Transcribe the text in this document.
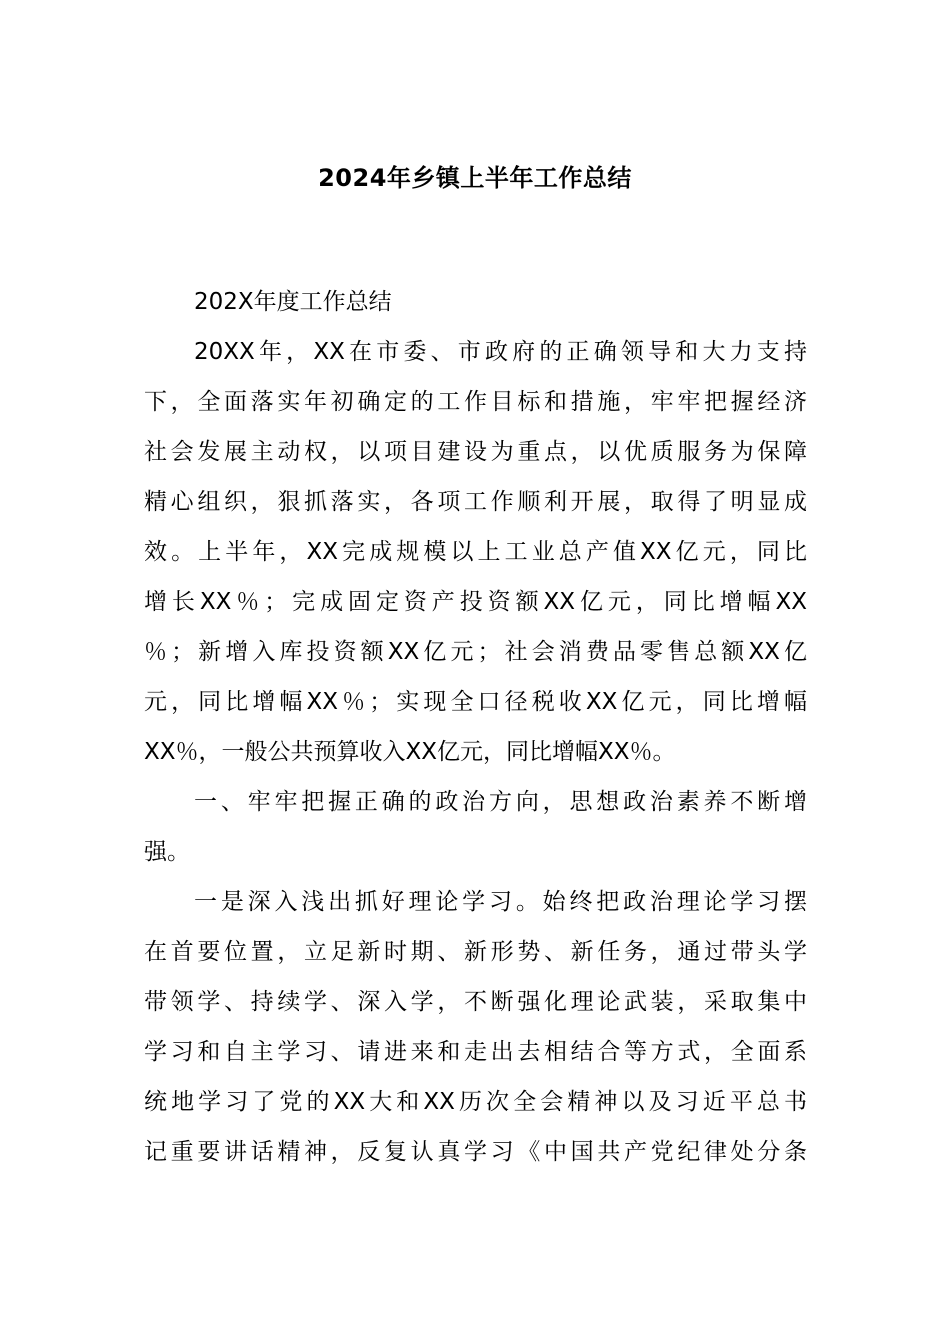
2024年乡镇上半年工作总结
202X年度工作总结
20XX年，XX在市委、市政府的正确领导和大力支持
下，全面落实年初确定的工作目标和措施，牢牢把握经济
社会发展主动权，以项目建设为重点，以优质服务为保障
精心组织，狠抓落实，各项工作顺利开展，取得了明显成
效。上半年，XX完成规模以上工业总产值XX亿元，同比
增长XX％；完成固定资产投资额XX亿元，同比增幅XX
％；新增入库投资额XX亿元；社会消费品零售总额XX亿
元，同比增幅XX％；实现全口径税收XX亿元，同比增幅
XX％，一般公共预算收入XX亿元，同比增幅XX％。
一、牢牢把握正确的政治方向，思想政治素养不断增
强。
一是深入浅出抓好理论学习。始终把政治理论学习摆
在首要位置，立足新时期、新形势、新任务，通过带头学
带领学、持续学、深入学，不断强化理论武装，采取集中
学习和自主学习、请进来和走出去相结合等方式，全面系
统地学习了党的XX大和XX历次全会精神以及习近平总书
记重要讲话精神，反复认真学习《中国共产党纪律处分条
